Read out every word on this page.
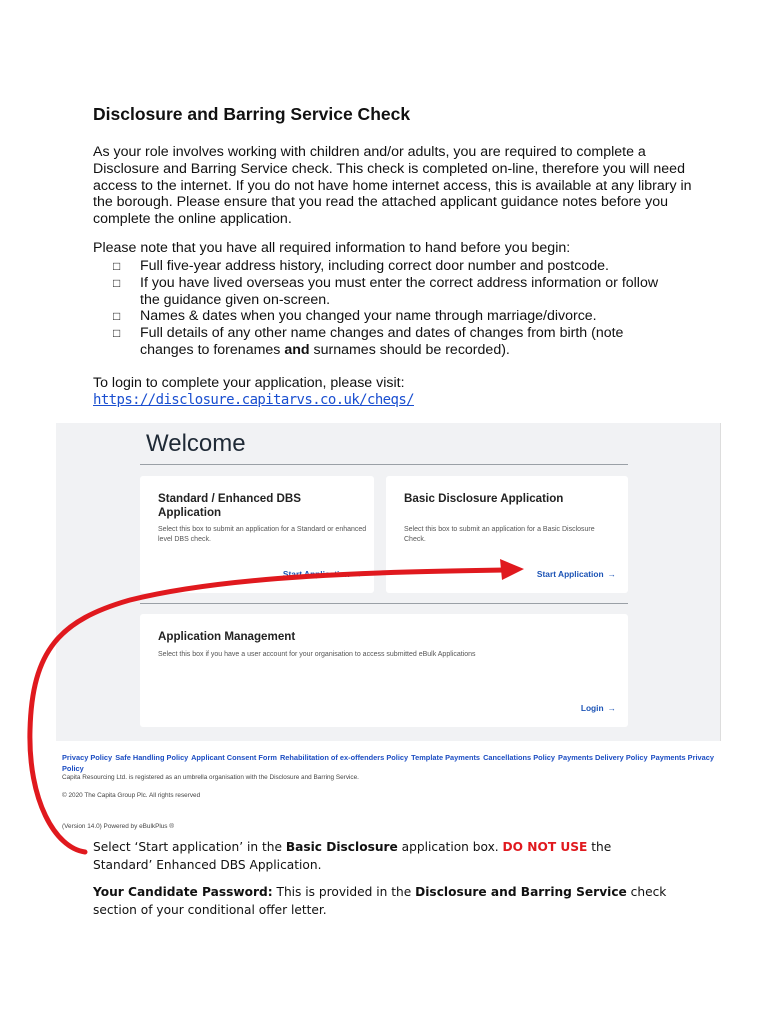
Disclosure and Barring Service Check

As your role involves working with children and/or adults, you are required to complete a Disclosure and Barring Service check. This check is completed on-line, therefore you will need access to the internet. If you do not have home internet access, this is available at any library in the borough. Please ensure that you read the attached applicant guidance notes before you complete the online application.

Please note that you have all required information to hand before you begin:

□ Full five-year address history, including correct door number and postcode.
□ If you have lived overseas you must enter the correct address information or follow the guidance given on-screen.
□ Names & dates when you changed your name through marriage/divorce.
□ Full details of any other name changes and dates of changes from birth (note changes to forenames and surnames should be recorded).

To login to complete your application, please visit:

https://disclosure.capitarvs.co.uk/cheqs/
Welcome
Standard / Enhanced DBS Application

Select this box to submit an application for a Standard or enhanced level DBS check.

Start Application →
Basic Disclosure Application

Select this box to submit an application for a Basic Disclosure Check.

Start Application →
Application Management

Select this box if you have a user account for your organisation to access submitted eBulk Applications

Login →
Privacy Policy Safe Handling Policy Applicant Consent Form Rehabilitation of ex-offenders Policy Template Payments Cancellations Policy Payments Delivery Policy Payments Privacy Policy
Capita Resourcing Ltd. is registered as an umbrella organisation with the Disclosure and Barring Service.
© 2020 The Capita Group Plc. All rights reserved
(Version 14.0) Powered by eBulkPlus ®
Select ‘Start application’ in the Basic Disclosure application box. DO NOT USE the Standard’ Enhanced DBS Application.
Your Candidate Password: This is provided in the Disclosure and Barring Service check section of your conditional offer letter.
